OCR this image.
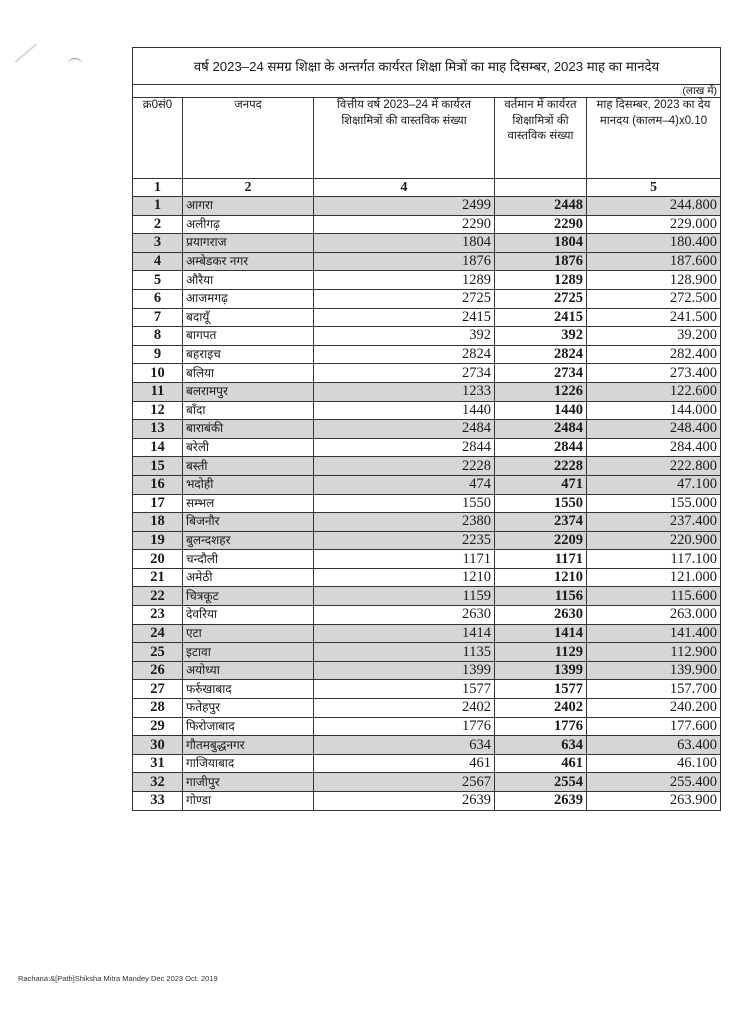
वर्ष 2023–24 समग्र शिक्षा के अन्तर्गत कार्यरत शिक्षा मित्रों का माह दिसम्बर, 2023 माह का मानदेय				
(लाख में)				
क्र0सं0	जनपद	वित्तीय वर्ष 2023–24 में कार्यरत शिक्षामित्रों की वास्तविक संख्या	वर्तमान में कार्यरत शिक्षामित्रों की वास्तविक संख्या	माह दिसम्बर, 2023 का देय मानदय (कालम–4)x0.10
1	2	4		5
1	आगरा	2499	2448	244.800
2	अलीगढ़	2290	2290	229.000
3	प्रयागराज	1804	1804	180.400
4	अम्बेडकर नगर	1876	1876	187.600
5	औरैया	1289	1289	128.900
6	आजमगढ़	2725	2725	272.500
7	बदायूँ	2415	2415	241.500
8	बागपत	392	392	39.200
9	बहराइच	2824	2824	282.400
10	बलिया	2734	2734	273.400
11	बलरामपुर	1233	1226	122.600
12	बाँदा	1440	1440	144.000
13	बाराबंकी	2484	2484	248.400
14	बरेली	2844	2844	284.400
15	बस्ती	2228	2228	222.800
16	भदोही	474	471	47.100
17	सम्भल	1550	1550	155.000
18	बिजनौर	2380	2374	237.400
19	बुलन्दशहर	2235	2209	220.900
20	चन्दौली	1171	1171	117.100
21	अमेठी	1210	1210	121.000
22	चित्रकूट	1159	1156	115.600
23	देवरिया	2630	2630	263.000
24	एटा	1414	1414	141.400
25	इटावा	1135	1129	112.900
26	अयोध्या	1399	1399	139.900
27	फर्रुखाबाद	1577	1577	157.700
28	फतेहपुर	2402	2402	240.200
29	फिरोजाबाद	1776	1776	177.600
30	गौतमबुद्धनगर	634	634	63.400
31	गाजियाबाद	461	461	46.100
32	गाजीपुर	2567	2554	255.400
33	गोण्डा	2639	2639	263.900
Rachana:&[Path]Shiksha Mitra Mandey Dec 2023 Oct. 2019
